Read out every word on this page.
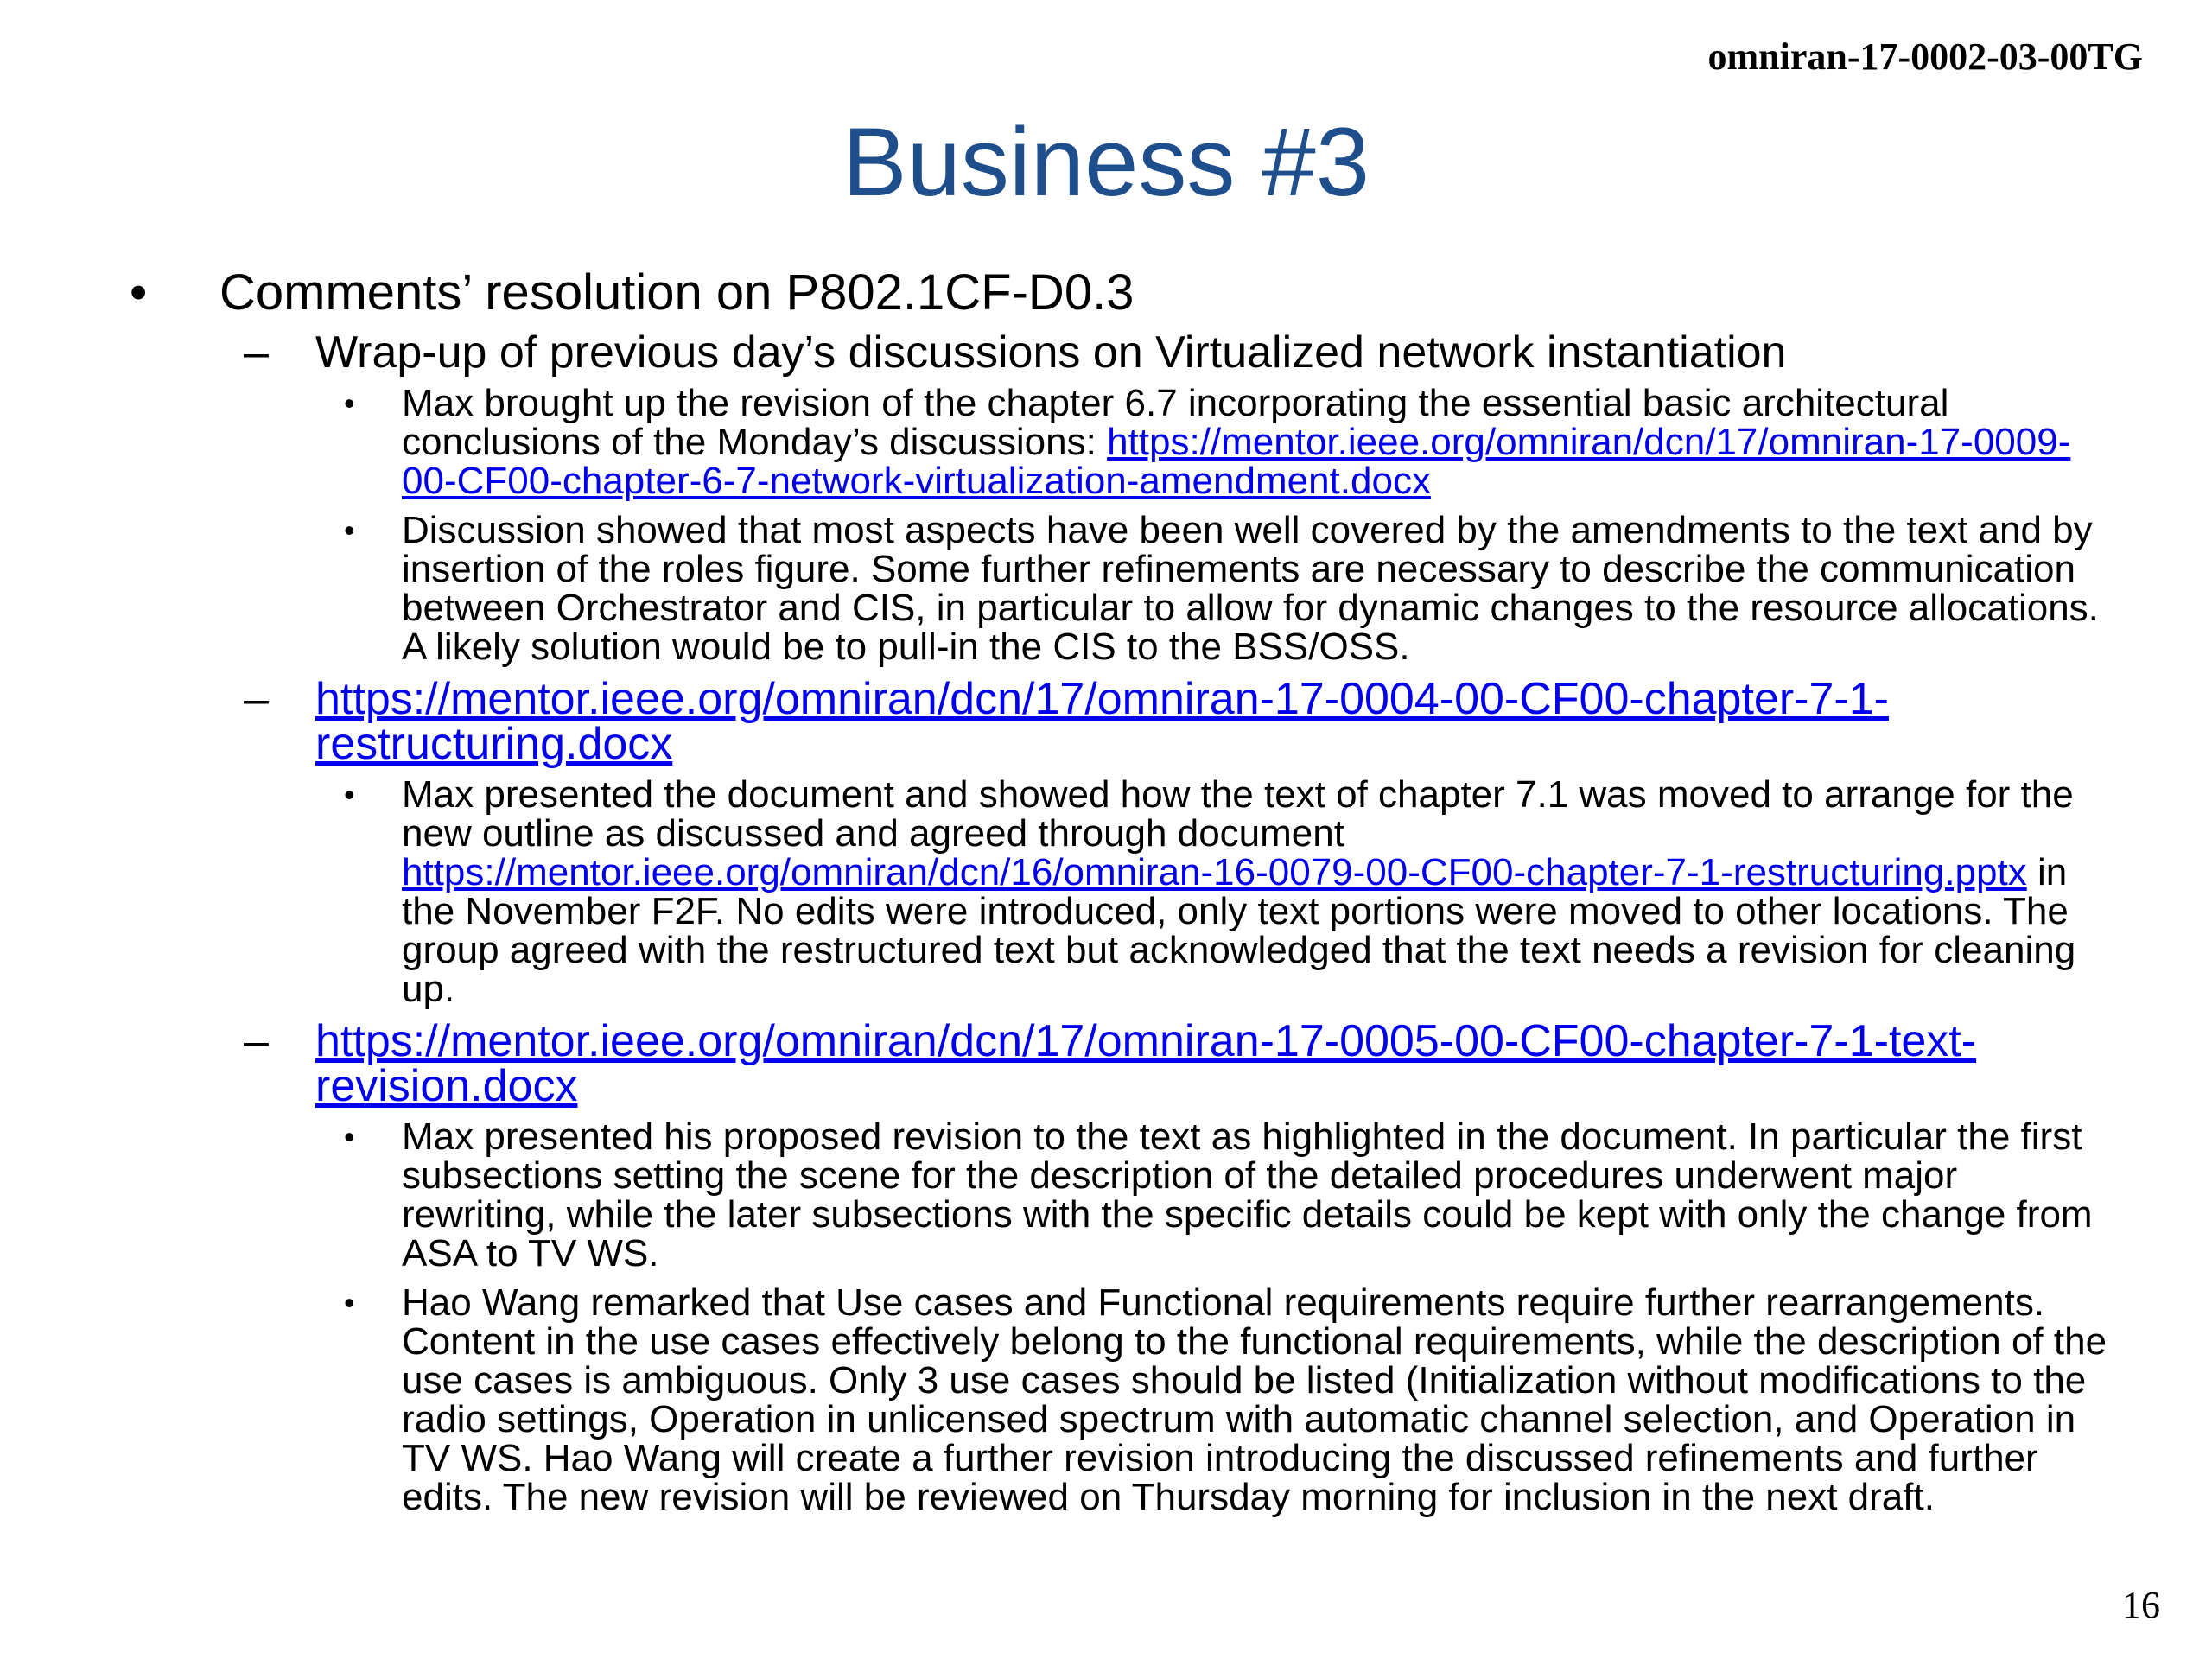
omniran-17-0002-03-00TG
Business #3
• Comments’ resolution on P802.1CF-D0.3
– Wrap-up of previous day’s discussions on Virtualized network instantiation
• Max brought up the revision of the chapter 6.7 incorporating the essential basic architectural conclusions of the Monday’s discussions: https://mentor.ieee.org/omniran/dcn/17/omniran-17-0009-00-CF00-chapter-6-7-network-virtualization-amendment.docx
• Discussion showed that most aspects have been well covered by the amendments to the text and by insertion of the roles figure. Some further refinements are necessary to describe the communication between Orchestrator and CIS, in particular to allow for dynamic changes to the resource allocations. A likely solution would be to pull-in the CIS to the BSS/OSS.
– https://mentor.ieee.org/omniran/dcn/17/omniran-17-0004-00-CF00-chapter-7-1-restructuring.docx
• Max presented the document and showed how the text of chapter 7.1 was moved to arrange for the new outline as discussed and agreed through document https://mentor.ieee.org/omniran/dcn/16/omniran-16-0079-00-CF00-chapter-7-1-restructuring.pptx in the November F2F. No edits were introduced, only text portions were moved to other locations. The group agreed with the restructured text but acknowledged that the text needs a revision for cleaning up.
– https://mentor.ieee.org/omniran/dcn/17/omniran-17-0005-00-CF00-chapter-7-1-text-revision.docx
• Max presented his proposed revision to the text as highlighted in the document. In particular the first subsections setting the scene for the description of the detailed procedures underwent major rewriting, while the later subsections with the specific details could be kept with only the change from ASA to TV WS.
• Hao Wang remarked that Use cases and Functional requirements require further rearrangements. Content in the use cases effectively belong to the functional requirements, while the description of the use cases is ambiguous. Only 3 use cases should be listed (Initialization without modifications to the radio settings, Operation in unlicensed spectrum with automatic channel selection, and Operation in TV WS. Hao Wang will create a further revision introducing the discussed refinements and further edits. The new revision will be reviewed on Thursday morning for inclusion in the next draft.
16
